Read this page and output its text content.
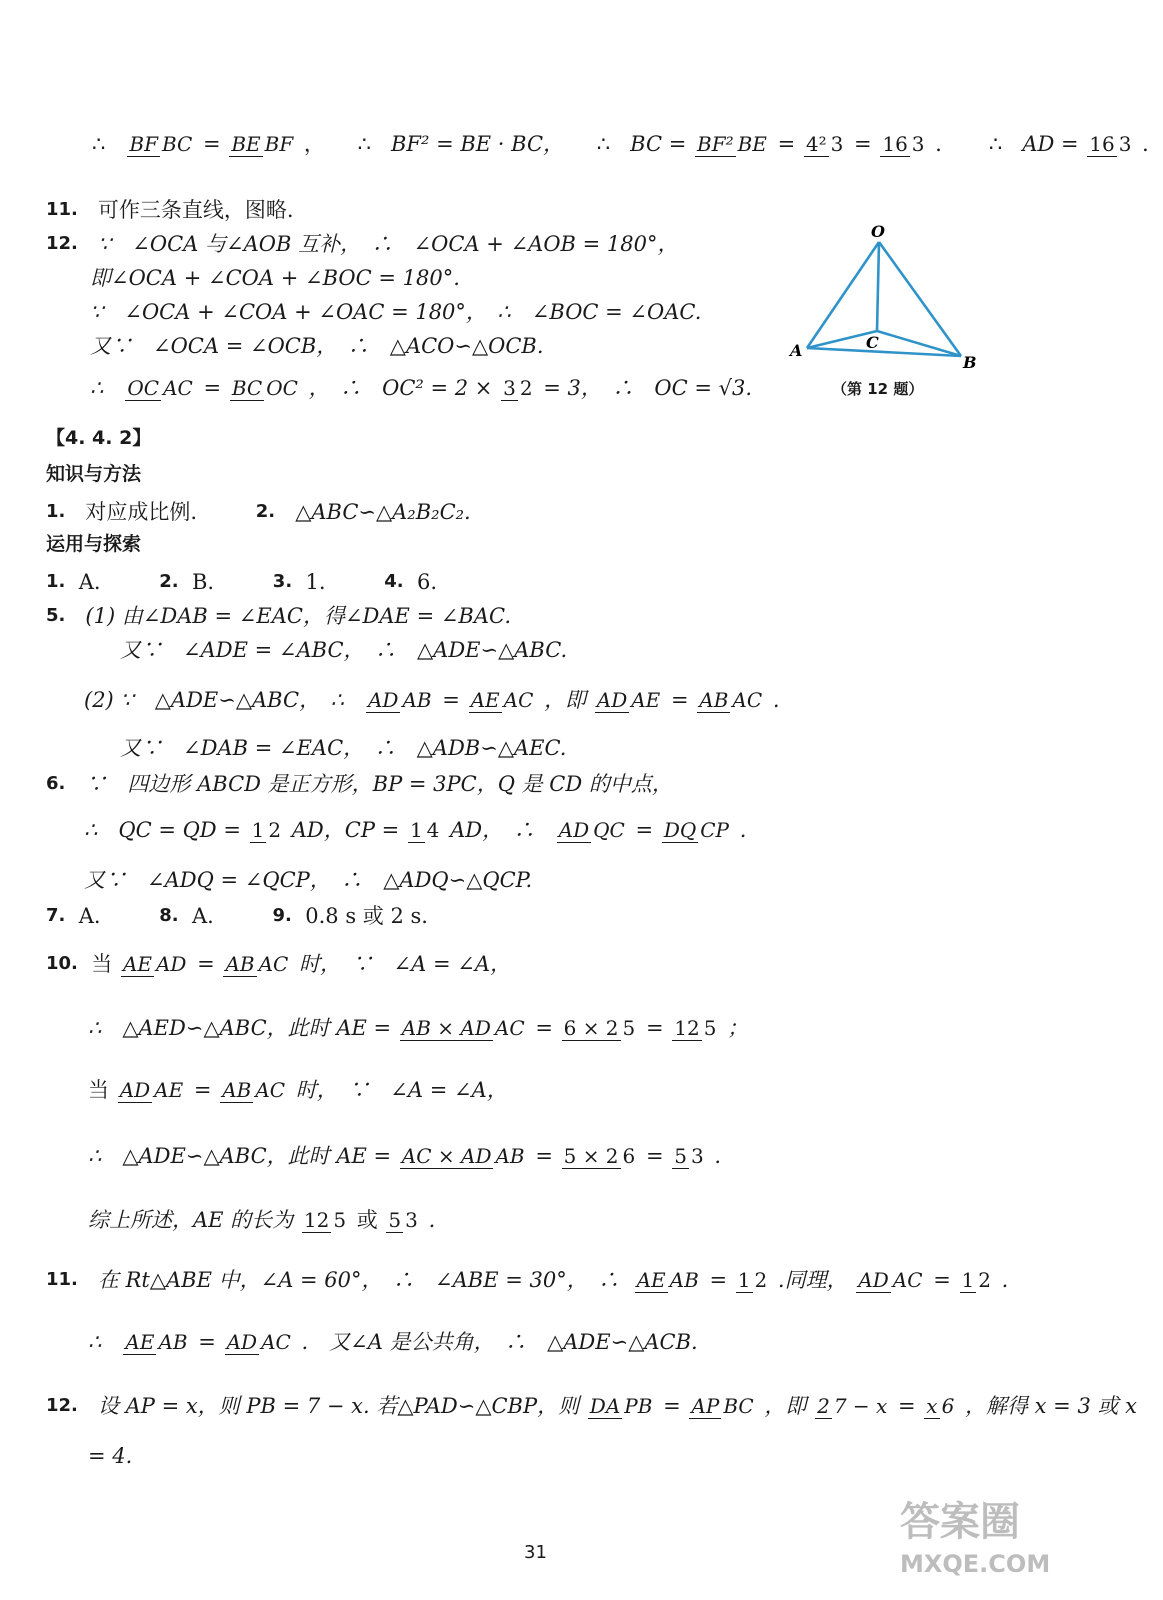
∴ BF BC = BE BF ， ∴ BF² = BE · BC， ∴ BC = BF² BE = 4² 3 = 16 3 ． ∴ AD = 16 3 ．
11. 可作三条直线，图略.
12. ∵　∠OCA 与∠AOB 互补，　∴　∠OCA + ∠AOB = 180°，
即∠OCA + ∠COA + ∠BOC = 180°.
∵　∠OCA + ∠COA + ∠OAC = 180°，　∴　∠BOC = ∠OAC.
又∵　∠OCA = ∠OCB，　∴　△ACO∽△OCB.
∴ OC AC = BC OC ，　∴　OC² = 2 × 3 2 = 3，　∴　OC = √3.
O
A
B
C
（第 12 题）
【4. 4. 2】
知识与方法
1. 对应成比例.	2. △ABC∽△A₂B₂C₂.
运用与探索
1. A.	2. B.	3. 1.	4. 6.
5. (1) 由∠DAB = ∠EAC，得∠DAE = ∠BAC.
又∵　∠ADE = ∠ABC，　∴　△ADE∽△ABC.
(2) ∵　△ADE∽△ABC，　∴ AD AB = AE AC ，即 AD AE = AB AC .
又∵　∠DAB = ∠EAC，　∴　△ADB∽△AEC.
6. ∵　四边形 ABCD 是正方形，BP = 3PC，Q 是 CD 的中点，
∴　QC = QD = 1 2 AD，CP = 1 4 AD，　∴ AD QC = DQ CP .
又∵　∠ADQ = ∠QCP，　∴　△ADQ∽△QCP.
7. A.	8. A.	9. 0.8 s 或 2 s.
10. 当 AE AD = AB AC 时，　∵　∠A = ∠A，
∴　△AED∽△ABC，此时 AE = AB × AD AC = 6 × 2 5 = 12 5 ；
当 AD AE = AB AC 时，　∵　∠A = ∠A，
∴　△ADE∽△ABC，此时 AE = AC × AD AB = 5 × 2 6 = 5 3 .
综上所述，AE 的长为 12 5 或 5 3 .
11. 在 Rt△ABE 中，∠A = 60°，　∴　∠ABE = 30°，　∴ AE AB = 1 2 .同理， AD AC = 1 2 .
∴ AE AB = AD AC .　又∠A 是公共角，　∴　△ADE∽△ACB.
12. 设 AP = x，则 PB = 7 − x. 若△PAD∽△CBP，则 DA PB = AP BC ，即 2 7 − x = x 6 ，解得 x = 3 或 x
= 4.
31
答案圈
MXQE.COM
